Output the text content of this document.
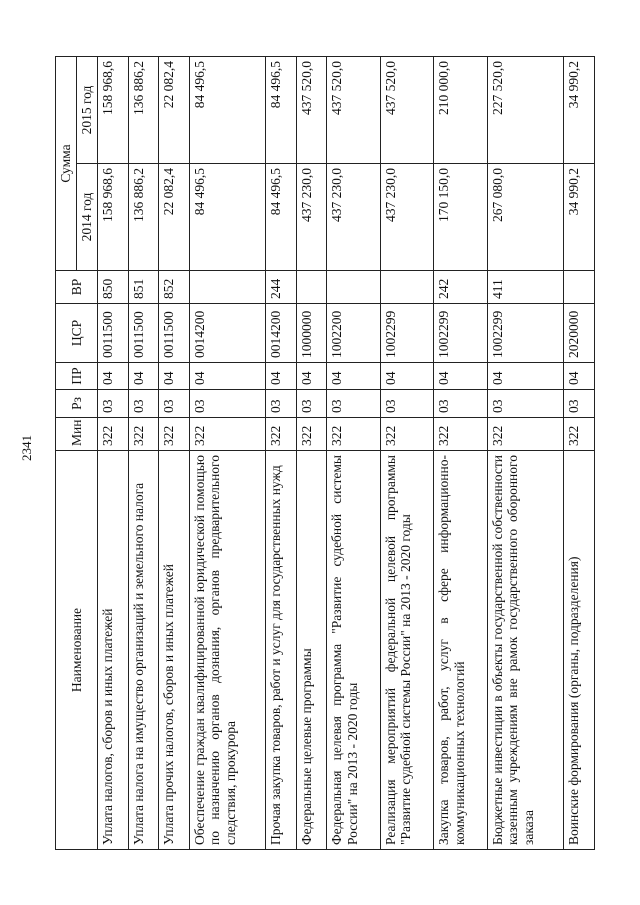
2341
Наименование	Мин	Рз	ПР	ЦСР	ВР	Сумма	
						2014 год	2015 год
Уплата налогов, сборов и иных платежей	322	03	04	0011500	850	158 968,6	158 968,6
Уплата налога на имущество организаций и земельного налога	322	03	04	0011500	851	136 886,2	136 886,2
Уплата прочих налогов, сборов и иных платежей	322	03	04	0011500	852	22 082,4	22 082,4
Обеспечение граждан квалифицированной юридической помощью по назначению органов дознания, органов предварительного следствия, прокурора	322	03	04	0014200		84 496,5	84 496,5
Прочая закупка товаров, работ и услуг для государственных нужд	322	03	04	0014200	244	84 496,5	84 496,5
Федеральные целевые программы	322	03	04	1000000		437 230,0	437 520,0
Федеральная целевая программа "Развитие судебной системы России" на 2013 - 2020 годы	322	03	04	1002200		437 230,0	437 520,0
Реализация мероприятий федеральной целевой программы "Развитие судебной системы России" на 2013 - 2020 годы	322	03	04	1002299		437 230,0	437 520,0
Закупка товаров, работ, услуг в сфере информационно-коммуникационных технологий	322	03	04	1002299	242	170 150,0	210 000,0
Бюджетные инвестиции в объекты государственной собственности казенным учреждениям вне рамок государственного оборонного заказа	322	03	04	1002299	411	267 080,0	227 520,0
Воинские формирования (органы, подразделения)	322	03	04	2020000		34 990,2	34 990,2
